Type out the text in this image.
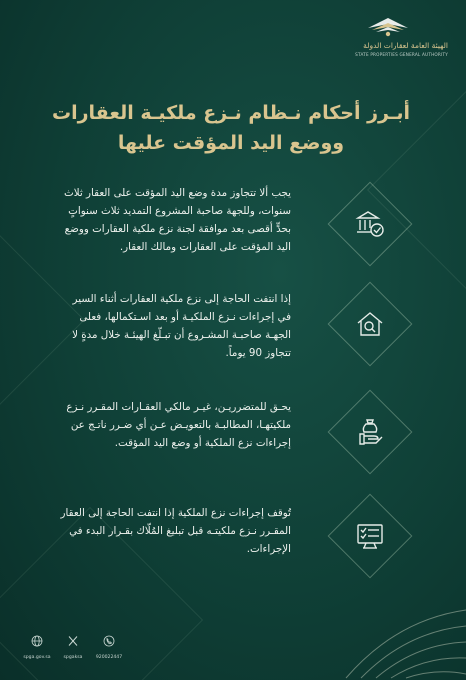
الهيئة العامة لعقارات الدولة
STATE PROPERTIES GENERAL AUTHORITY
أبـرز أحكام نـظام نـزع ملكيـة العقارات
ووضع اليد المؤقت عليها
يجب ألا تتجاوز مدة وضع اليد المؤقت على العقار ثلاث
سنوات، وللجهة صاحبة المشروع التمديد ثلاث سنواتٍ
بحدٍّ أقصى بعد موافقة لجنة نزع ملكية العقارات ووضع
اليد المؤقت على العقارات ومالك العقار.
إذا انتفت الحاجة إلى نزع ملكية العقارات أثناء السير
في إجراءات نـزع الملكيـة أو بعد اسـتكمالها، فعلى
الجهـة صاحبـة المشـروع أن تبـلّغ الهيئـة خلال مدةٍ لا
تتجاوز 90 يوماً.
يحـق للمتضرريـن، غيـر مالكي العقـارات المقـرر نـزع
ملكيتهـا، المطالبـة بالتعويـض عـن أي ضـرر ناتـج عن
إجراءات نزع الملكية أو وضع اليد المؤقت.
تُوقف إجراءات نزع الملكية إذا انتفت الحاجة إلى العقار
المقـرر نـزع ملكيتـه قبل تبليغ المُلّاك بقـرار البدء في
الإجراءات.
spga.gov.sa	spgaksa	920022447
